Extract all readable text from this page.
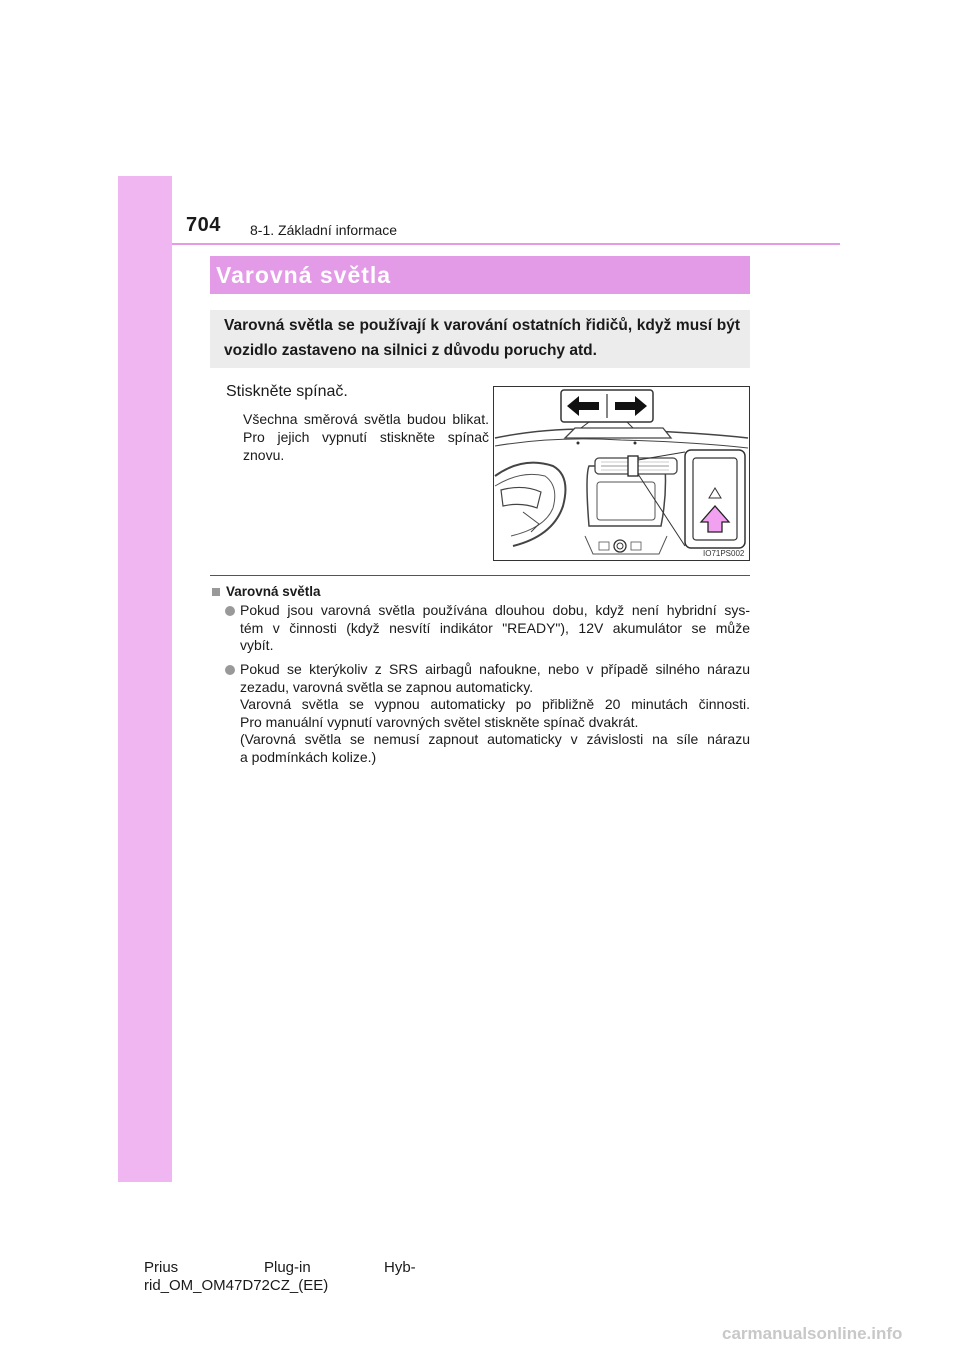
704 8-1. Základní informace
Varovná světla
Varovná světla se používají k varování ostatních řidičů, když musí být vozidlo zastaveno na silnici z důvodu poruchy atd.
Stiskněte spínač.
Všechna směrová světla budou blikat. Pro jejich vypnutí stiskněte spínač znovu.
IO71PS002
Varovná světla
Pokud jsou varovná světla používána dlouhou dobu, když není hybridní sys-
tém v činnosti (když nesvítí indikátor "READY"), 12V akumulátor se může
vybít.
Pokud se kterýkoliv z SRS airbagů nafoukne, nebo v případě silného nárazu
zezadu, varovná světla se zapnou automaticky.
Varovná světla se vypnou automaticky po přibližně 20 minutách činnosti.
Pro manuální vypnutí varovných světel stiskněte spínač dvakrát.
(Varovná světla se nemusí zapnout automaticky v závislosti na síle nárazu
a podmínkách kolize.)
Prius	Plug-in	Hyb-
rid_OM_OM47D72CZ_(EE)
carmanualsonline.info
